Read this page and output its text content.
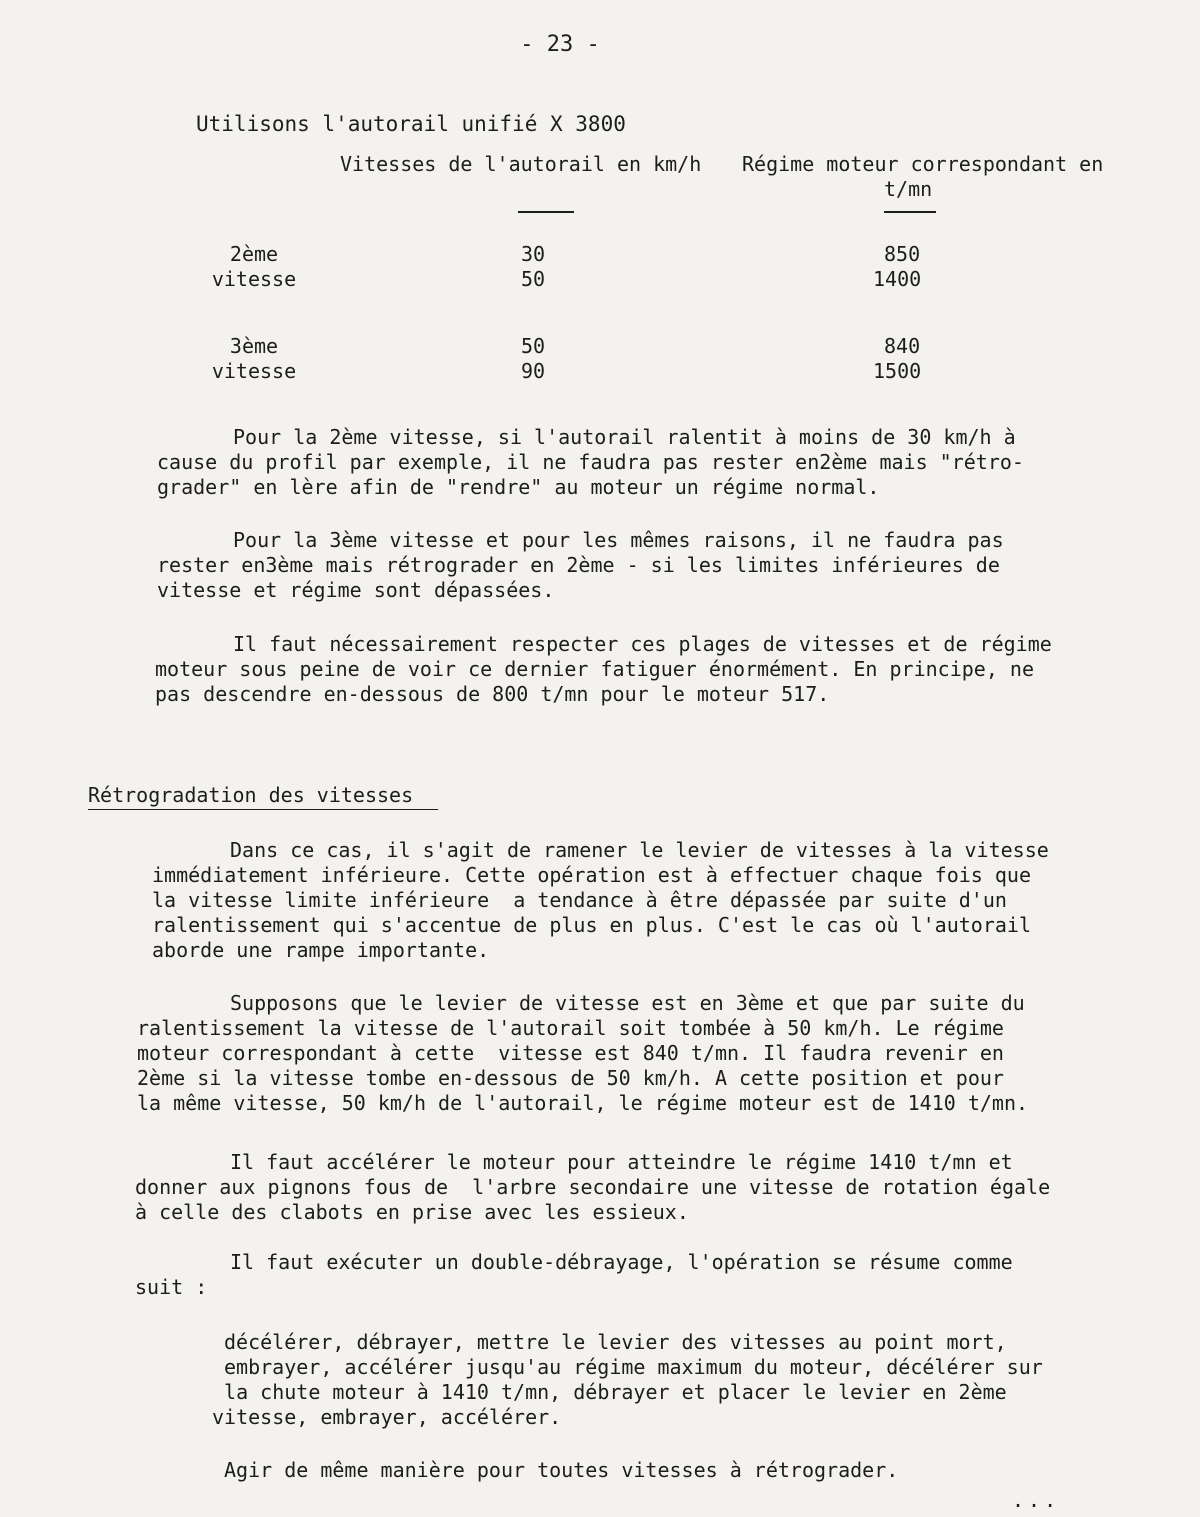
- 23 -
Utilisons l'autorail unifié X 3800
Vitesses de l'autorail en km/h Régime moteur correspondant en
t/mn
2ème
vitesse
30
50
850
1400
3ème
vitesse
50
90
840
1500
Pour la 2ème vitesse, si l'autorail ralentit à moins de 30 km/h à
cause du profil par exemple, il ne faudra pas rester en2ème mais "rétro-
grader" en lère afin de "rendre" au moteur un régime normal.
Pour la 3ème vitesse et pour les mêmes raisons, il ne faudra pas
rester en3ème mais rétrograder en 2ème - si les limites inférieures de
vitesse et régime sont dépassées.
Il faut nécessairement respecter ces plages de vitesses et de régime
moteur sous peine de voir ce dernier fatiguer énormément. En principe, ne
pas descendre en-dessous de 800 t/mn pour le moteur 517.
Rétrogradation des vitesses
Dans ce cas, il s'agit de ramener le levier de vitesses à la vitesse
immédiatement inférieure. Cette opération est à effectuer chaque fois que
la vitesse limite inférieure  a tendance à être dépassée par suite d'un
ralentissement qui s'accentue de plus en plus. C'est le cas où l'autorail
aborde une rampe importante.
Supposons que le levier de vitesse est en 3ème et que par suite du
ralentissement la vitesse de l'autorail soit tombée à 50 km/h. Le régime
moteur correspondant à cette  vitesse est 840 t/mn. Il faudra revenir en
2ème si la vitesse tombe en-dessous de 50 km/h. A cette position et pour
la même vitesse, 50 km/h de l'autorail, le régime moteur est de 1410 t/mn.
Il faut accélérer le moteur pour atteindre le régime 1410 t/mn et
donner aux pignons fous de  l'arbre secondaire une vitesse de rotation égale
à celle des clabots en prise avec les essieux.
Il faut exécuter un double-débrayage, l'opération se résume comme
suit :
décélérer, débrayer, mettre le levier des vitesses au point mort,
embrayer, accélérer jusqu'au régime maximum du moteur, décélérer sur
la chute moteur à 1410 t/mn, débrayer et placer le levier en 2ème
vitesse, embrayer, accélérer.
Agir de même manière pour toutes vitesses à rétrograder.
...
